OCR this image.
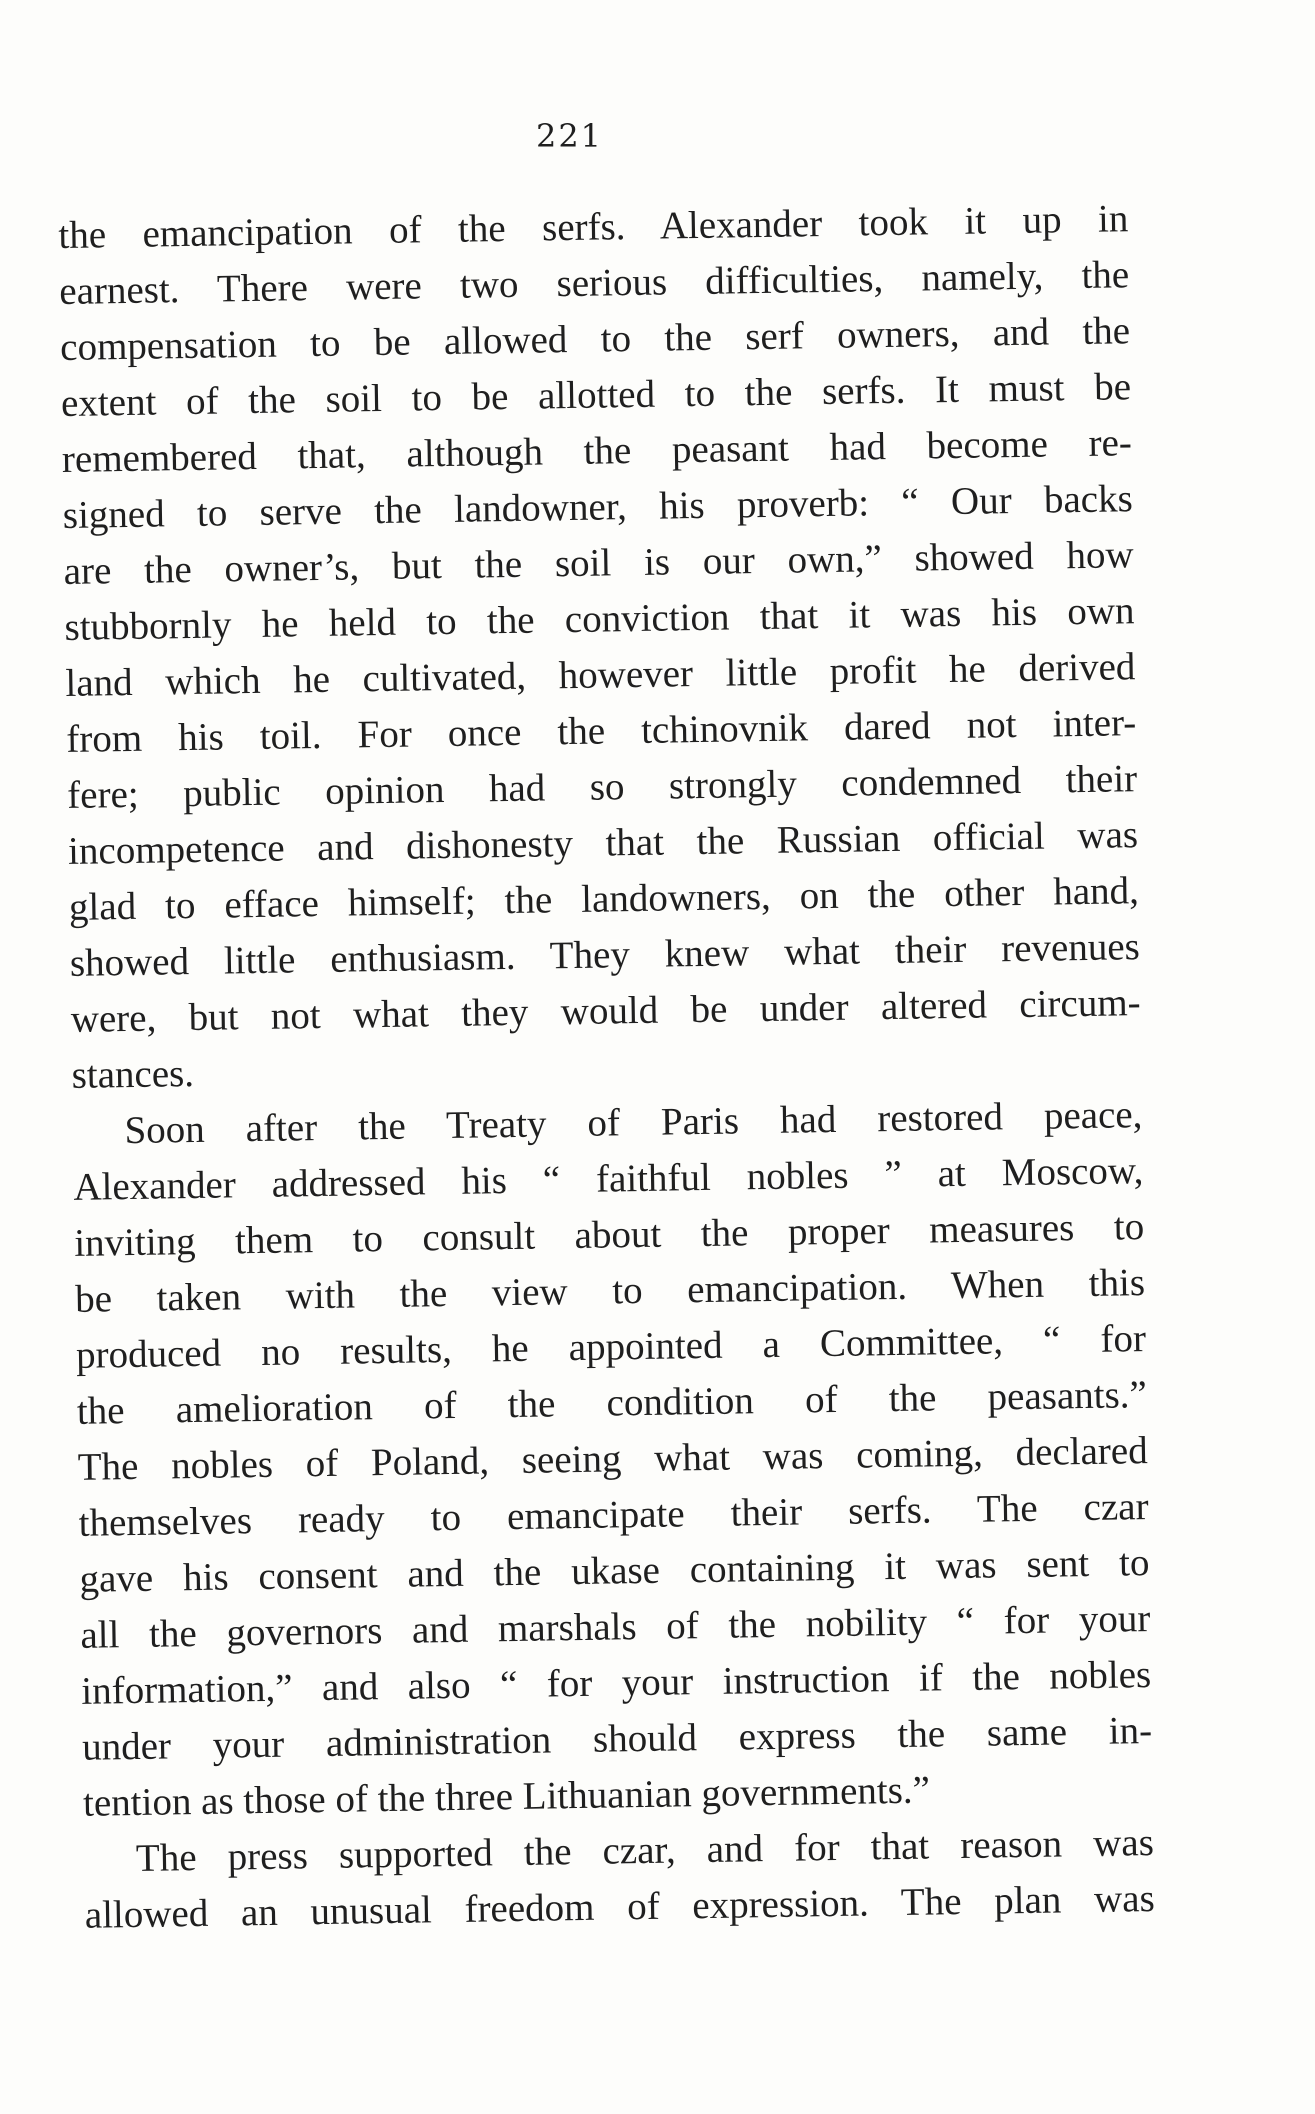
221
the emancipation of the serfs. Alexander took it up in
earnest. There were two serious difficulties, namely, the
compensation to be allowed to the serf owners, and the
extent of the soil to be allotted to the serfs. It must be
remembered that, although the peasant had become re-
signed to serve the landowner, his proverb: “ Our backs
are the owner’s, but the soil is our own,” showed how
stubbornly he held to the conviction that it was his own
land which he cultivated, however little profit he derived
from his toil. For once the tchinovnik dared not inter-
fere; public opinion had so strongly condemned their
incompetence and dishonesty that the Russian official was
glad to efface himself; the landowners, on the other hand,
showed little enthusiasm. They knew what their revenues
were, but not what they would be under altered circum-
stances.
Soon after the Treaty of Paris had restored peace,
Alexander addressed his “ faithful nobles ” at Moscow,
inviting them to consult about the proper measures to
be taken with the view to emancipation. When this
produced no results, he appointed a Committee, “ for
the amelioration of the condition of the peasants.”
The nobles of Poland, seeing what was coming, declared
themselves ready to emancipate their serfs. The czar
gave his consent and the ukase containing it was sent to
all the governors and marshals of the nobility “ for your
information,” and also “ for your instruction if the nobles
under your administration should express the same in-
tention as those of the three Lithuanian governments.”
The press supported the czar, and for that reason was
allowed an unusual freedom of expression. The plan was
